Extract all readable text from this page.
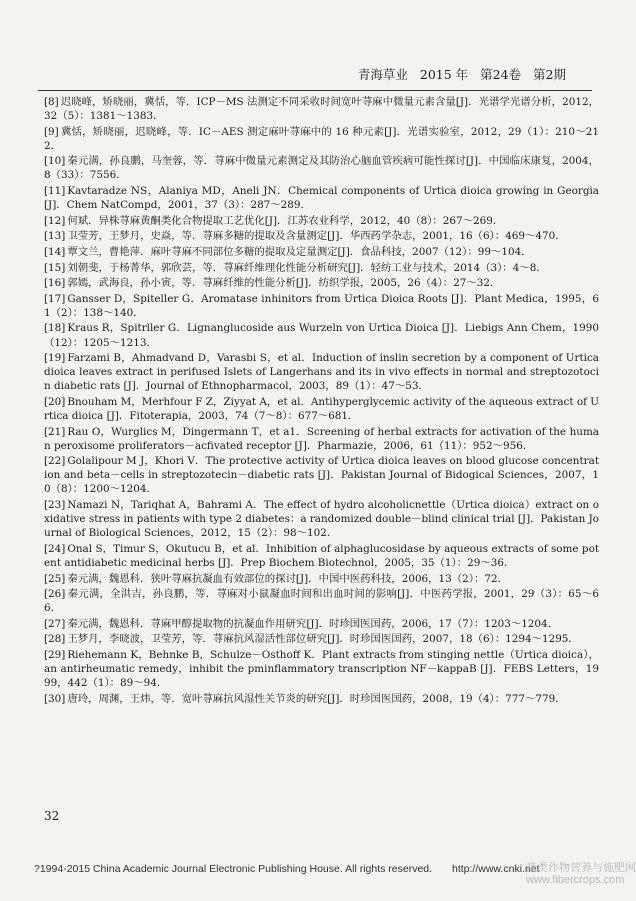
青海草业 2015 年 第24卷 第2期
[8] 迟晓峰，矫晓丽，冀恬，等．ICP－MS 法测定不同采收时间宽叶荨麻中微量元素含量[J]．光谱学光谱分析，2012，32（5）：1381～1383．
[9] 冀恬，矫晓丽，迟晓峰，等．IC－AES 测定麻叶荨麻中的 16 种元素[J]．光谱实验室，2012，29（1）：210～212．
[10] 秦元满，孙良鹏，马奎蓉，等．荨麻中微量元素测定及其防治心脑血管疾病可能性探讨[J]．中国临床康复，2004，8（33）：7556．
[11] Kavtaradze NS，Alaniya MD，Aneli JN．Chemical components of Urtica dioica growing in Georgia [J]．Chem NatCompd，2001，37（3）：287～289．
[12] 何斌．异株荨麻黄酮类化合物提取工艺优化[J]．江苏农业科学，2012，40（8）：267～269．
[13] 卫莹芳，王梦月，史焱，等．荨麻多糖的提取及含量测定[J]．华西药学杂志，2001，16（6）：469～470．
[14] 覃文兰，曹艳萍．麻叶荨麻不同部位多糖的提取及定量测定[J]．食品科技，2007（12）：99～104．
[15] 刘朝斐，于杨菁华，郭欣芸，等．荨麻纤维理化性能分析研究[J]．轻纺工业与技术，2014（3）：4～8．
[16] 郭嫣，武海良，孙小寅，等．荨麻纤维的性能分析[J]．纺织学报，2005，26（4）：27～32．
[17] Gansser D，Spiteller G．Aromatase inhinitors from Urtica Dioica Roots [J]．Plant Medica，1995，61（2）：138～140．
[18] Kraus R，Spitrller G．Lignanglucoside aus Wurzeln von Urtica Dioica [J]．Liebigs Ann Chem，1990（12）：1205～1213．
[19] Farzami B，Ahmadvand D，Varasbi S，et al．Induction of inslin secretion by a component of Urtica dioica leaves extract in perifused Islets of Langerhans and its in vivo effects in normal and streptozotocin diabetic rats [J]．Journal of Ethnopharmacol，2003，89（1）：47～53．
[20] Bnouham M，Merhfour F Z，Ziyyat A，et al．Antihyperglycemic activity of the aqueous extract of Urtica dioica [J]．Fitoterapia，2003，74（7～8）：677～681．
[21] Rau O，Wurglics M，Dingermann T，et a1．Screening of herbal extracts for activation of the human peroxisome proliferators－acfivated receptor [J]．Pharmazie，2006，61（11）：952～956．
[22] Golalipour M J，Khori V．The protective activity of Urtica dioica leaves on blood glucose concentration and beta－cells in streptozotecin－diabetic rats [J]．Pakistan Journal of Bidogical Sciences，2007，10（8）：1200～1204．
[23] Namazi N，Tariqhat A，Bahrami A．The effect of hydro alcoholicnettle（Urtica dioica）extract on oxidative stress in patients with type 2 diabetes：a randomized double－blind clinical trial [J]．Pakistan Journal of Biological Sciences，2012，15（2）：98～102．
[24] Onal S，Timur S，Okutucu B，et al．Inhibition of alphaglucosidase by aqueous extracts of some potent antidiabetic medicinal herbs [J]．Prep Biochem Biotechnol，2005，35（1）：29～36．
[25] 秦元满，魏恩科．狭叶荨麻抗凝血有效部位的探讨[J]．中国中医药科技，2006，13（2）：72．
[26] 秦元满，全洪吉，孙良鹏，等．荨麻对小鼠凝血时间和出血时间的影响[J]．中医药学报，2001，29（3）：65～66．
[27] 秦元满，魏恩科．荨麻甲醇提取物的抗凝血作用研究[J]．时珍国医国药，2006，17（7）：1203～1204．
[28] 王梦月，李晓波，卫莹芳，等．荨麻抗风湿活性部位研究[J]．时珍国医国药，2007，18（6）：1294～1295．
[29] Riehemann K，Behnke B，Schulze－Osthoff K．Plant extracts from stinging nettle（Urtica dioica），an antirheumatic remedy，inhibit the pminflammatory transcription NF－kappaB [J]．FEBS Letters，1999，442（1）：89～94．
[30] 唐玲，周渊，王炜，等．宽叶荨麻抗风湿性关节炎的研究[J]．时珍国医国药，2008，19（4）：777～779．
32
?1994-2015 China Academic Journal Electronic Publishing House. All rights reserved. http://www.cnki.net
蔬类作物营养与施肥网
www.fibercrops.com
